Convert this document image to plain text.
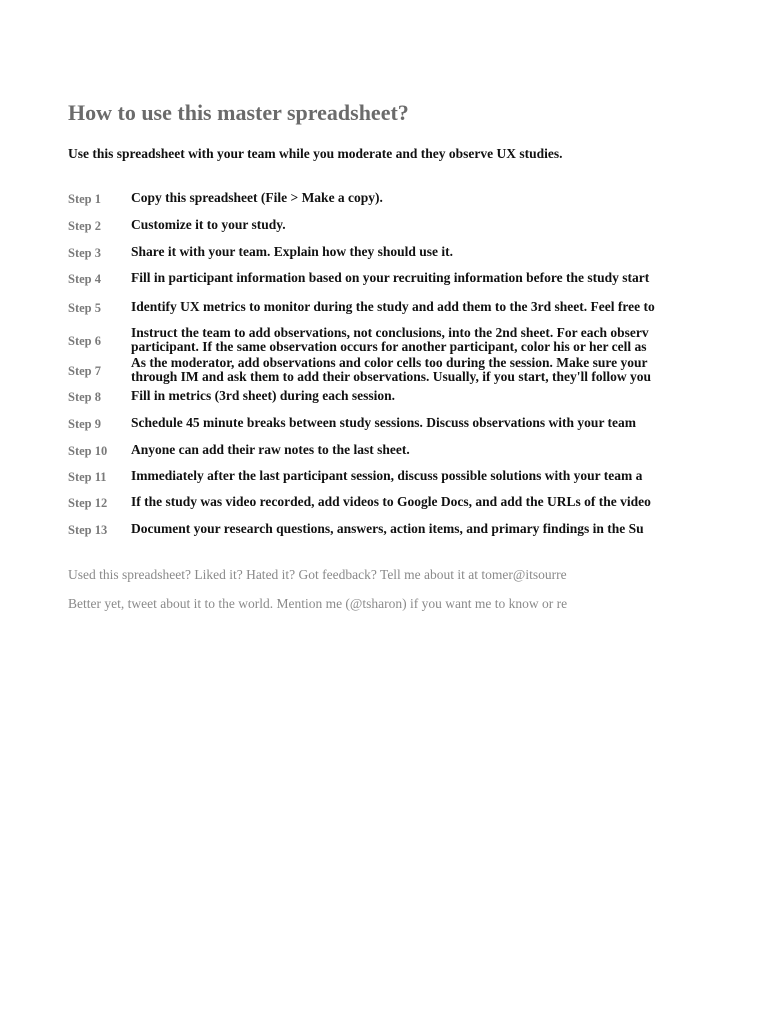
How to use this master spreadsheet?
Use this spreadsheet with your team while you moderate and they observe UX studies.
Step 1 Copy this spreadsheet (File > Make a copy).
Step 2 Customize it to your study.
Step 3 Share it with your team. Explain how they should use it.
Step 4 Fill in participant information based on your recruiting information before the study start
Step 5 Identify UX metrics to monitor during the study and add them to the 3rd sheet. Feel free to
Step 6
Instruct the team to add observations, not conclusions, into the 2nd sheet. For each observ
participant. If the same observation occurs for another participant, color his or her cell as
Step 7
As the moderator, add observations and color cells too during the session. Make sure your
through IM and ask them to add their observations. Usually, if you start, they'll follow you
Step 8 Fill in metrics (3rd sheet) during each session.
Step 9 Schedule 45 minute breaks between study sessions. Discuss observations with your team
Step 10 Anyone can add their raw notes to the last sheet.
Step 11 Immediately after the last participant session, discuss possible solutions with your team a
Step 12 If the study was video recorded, add videos to Google Docs, and add the URLs of the video
Step 13 Document your research questions, answers, action items, and primary findings in the Su
Used this spreadsheet? Liked it? Hated it? Got feedback? Tell me about it at tomer@itsourre
Better yet, tweet about it to the world. Mention me (@tsharon) if you want me to know or re
